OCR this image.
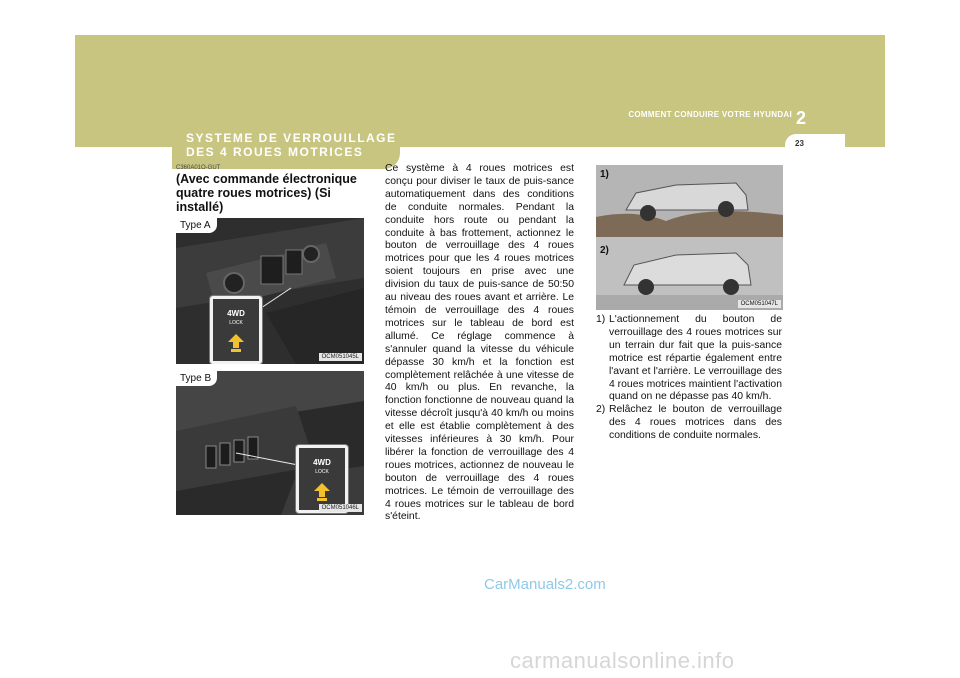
COMMENT CONDUIRE VOTRE HYUNDAI 2
SYSTEME DE VERROUILLAGE
DES 4 ROUES MOTRICES
23
C360A01O-GUT
(Avec commande électronique quatre roues motrices) (Si installé)
Type A
4WD
LOCK
OCM051045L
Type B
4WD
LOCK
OCM051046L
Ce système à 4 roues motrices est conçu pour diviser le taux de puis-sance automatiquement dans des conditions de conduite normales. Pendant la conduite hors route ou pendant la conduite à bas frottement, actionnez le bouton de verrouillage des 4 roues motrices pour que les 4 roues motrices soient toujours en prise avec une division du taux de puis-sance de 50:50 au niveau des roues avant et arrière. Le témoin de verrouillage des 4 roues motrices sur le tableau de bord est allumé. Ce réglage commence à s'annuler quand la vitesse du véhicule dépasse 30 km/h et la fonction est complètement relâchée à une vitesse de 40 km/h ou plus. En revanche, la fonction fonctionne de nouveau quand la vitesse décroît jusqu'à 40 km/h ou moins et elle est établie complètement à des vitesses inférieures à 30 km/h. Pour libérer la fonction de verrouillage des 4 roues motrices, actionnez de nouveau le bouton de verrouillage des 4 roues motrices. Le témoin de verrouillage des 4 roues motrices sur le tableau de bord s'éteint.
1)
2)
OCM051047L
1) L'actionnement du bouton de verrouillage des 4 roues motrices sur un terrain dur fait que la puis-sance motrice est répartie également entre l'avant et l'arrière. Le verrouillage des 4 roues motrices maintient l'activation quand on ne dépasse pas 40 km/h.
2) Relâchez le bouton de verrouillage des 4 roues motrices dans des conditions de conduite normales.
CarManuals2.com
carmanualsonline.info
